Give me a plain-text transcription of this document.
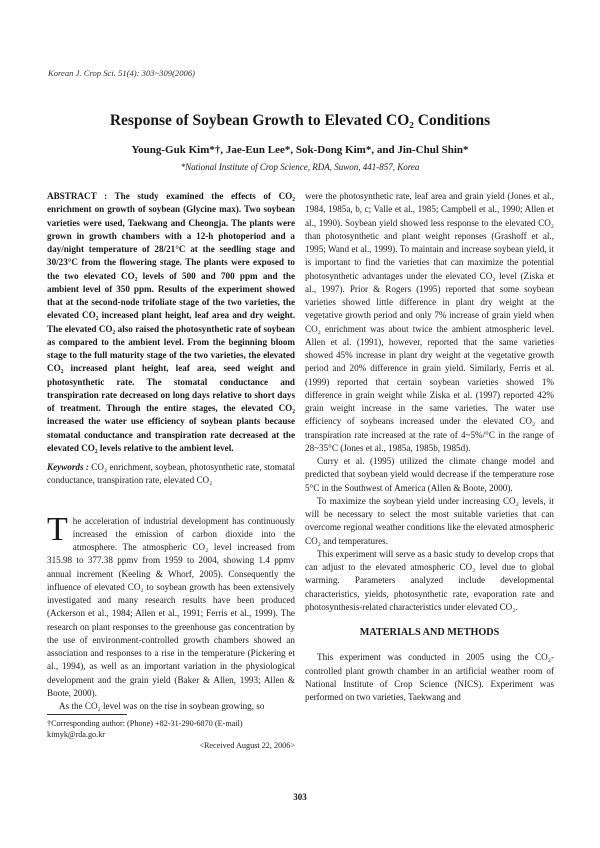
Korean J. Crop Sci. 51(4): 303~309(2006)
Response of Soybean Growth to Elevated CO₂ Conditions
Young-Guk Kim*†, Jae-Eun Lee*, Sok-Dong Kim*, and Jin-Chul Shin*
*National Institute of Crop Science, RDA, Suwon, 441-857, Korea
ABSTRACT : The study examined the effects of CO₂ enrichment on growth of soybean (Glycine max). Two soybean varieties were used, Taekwang and Cheongja. The plants were grown in growth chambers with a 12-h photoperiod and a day/night temperature of 28/21°C at the seedling stage and 30/23°C from the flowering stage. The plants were exposed to the two elevated CO₂ levels of 500 and 700 ppm and the ambient level of 350 ppm. Results of the experiment showed that at the second-node trifoliate stage of the two varieties, the elevated CO₂ increased plant height, leaf area and dry weight. The elevated CO₂ also raised the photosynthetic rate of soybean as compared to the ambient level. From the beginning bloom stage to the full maturity stage of the two varieties, the elevated CO₂ increased plant height, leaf area, seed weight and photosynthetic rate. The stomatal conductance and transpiration rate decreased on long days relative to short days of treatment. Through the entire stages, the elevated CO₂ increased the water use efficiency of soybean plants because stomatal conductance and transpiration rate decreased at the elevated CO₂ levels relative to the ambient level.
Keywords : CO₂ enrichment, soybean, photosynthetic rate, stomatal conductance, transpiration rate, elevated CO₂

The acceleration of industrial development has continuously increased the emission of carbon dioxide into the atmosphere. The atmospheric CO₂ level increased from 315.98 to 377.38 ppmv from 1959 to 2004, showing 1.4 ppmv annual increment (Keeling & Whorf, 2005). Consequently the influence of elevated CO₂ to soybean growth has been extensively investigated and many research results have been produced (Ackerson et al., 1984; Allen et al., 1991; Ferris et al., 1999). The research on plant responses to the greenhouse gas concentration by the use of environment-controlled growth chambers showed an association and responses to a rise in the temperature (Pickering et al., 1994), as well as an important variation in the physiological development and the grain yield (Baker & Allen, 1993; Allen & Boote, 2000).

As the CO₂ level was on the rise in soybean growing, so

†Corresponding author: (Phone) +82-31-290-6870 (E-mail) kimyk@rda.go.kr
<Received August 22, 2006>

were the photosynthetic rate, leaf area and grain yield (Jones et al., 1984, 1985a, b, c; Valle et al., 1985; Campbell et al., 1990; Allen et al., 1990). Soybean yield showed less response to the elevated CO₂ than photosynthetic and plant weight reponses (Grashoff et al., 1995; Wand et al., 1999). To maintain and increase soybean yield, it is important to find the varieties that can maximize the potential photosynthetic advantages under the elevated CO₂ level (Ziska et al., 1997). Prior & Rogers (1995) reported that some soybean varieties showed little difference in plant dry weight at the vegetative growth period and only 7% increase of grain yield when CO₂ enrichment was about twice the ambient atmospheric level. Allen et al. (1991), however, reported that the same varieties showed 45% increase in plant dry weight at the vegetative growth period and 20% difference in grain yield. Similarly, Ferris et al. (1999) reported that certain soybean varieties showed 1% difference in grain weight while Ziska et al. (1997) reported 42% grain weight increase in the same varieties. The water use efficiency of soybeans increased under the elevated CO₂ and transpiration rate increased at the rate of 4~5%/°C in the range of 28~35°C (Jones et al., 1985a, 1985b, 1985d).

Curry et al. (1995) utilized the climate change model and predicted that soybean yield would decrease if the temperature rose 5°C in the Southwest of America (Allen & Boote, 2000).

To maximize the soybean yield under increasing CO₂ levels, it will be necessary to select the most suitable varieties that can overcome regional weather conditions like the elevated atmospheric CO₂ and temperatures.

This experiment will serve as a basic study to develop crops that can adjust to the elevated atmospheric CO₂ level due to global warming. Parameters analyzed include developmental characteristics, yields, photosynthetic rate, evaporation rate and photosynthesis-related characteristics under elevated CO₂.

MATERIALS AND METHODS

This experiment was conducted in 2005 using the CO₂-controlled plant growth chamber in an artificial weather room of National Institute of Crop Science (NICS). Experiment was performed on two varieties, Taekwang and

303
